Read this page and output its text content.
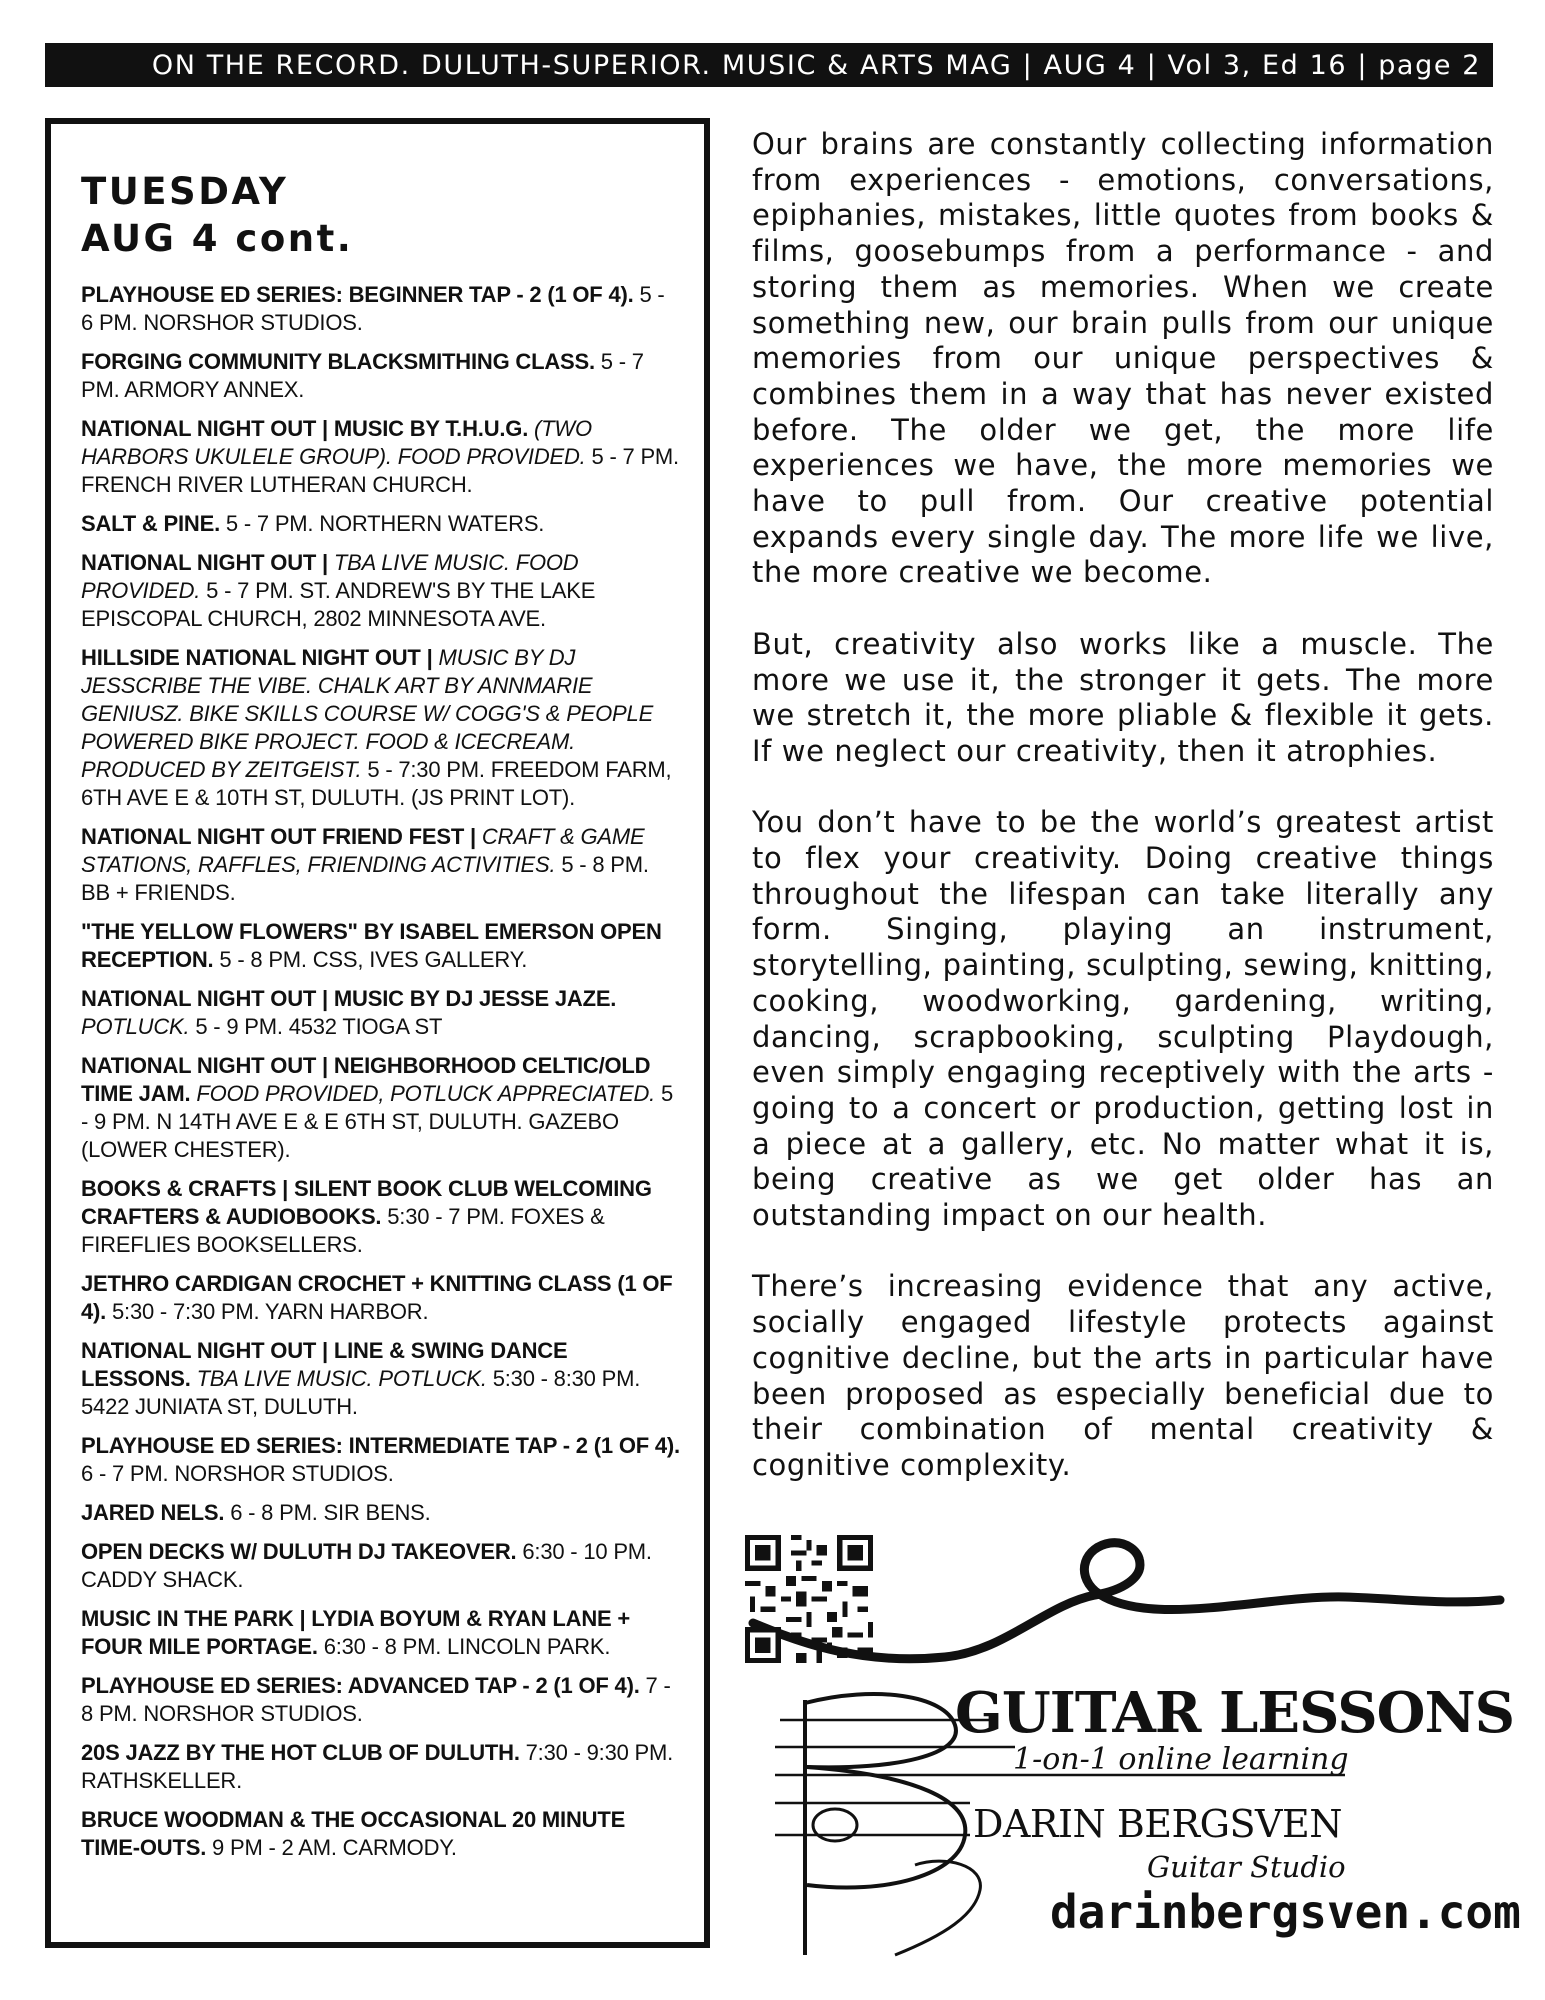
ON THE RECORD. DULUTH-SUPERIOR. MUSIC & ARTS MAG | AUG 4 | Vol 3, Ed 16 | page 2
TUESDAY
AUG 4 cont.
PLAYHOUSE ED SERIES: BEGINNER TAP - 2 (1 OF 4). 5 - 6 PM. NORSHOR STUDIOS.
FORGING COMMUNITY BLACKSMITHING CLASS. 5 - 7 PM. ARMORY ANNEX.
NATIONAL NIGHT OUT | MUSIC BY T.H.U.G. (TWO HARBORS UKULELE GROUP). FOOD PROVIDED. 5 - 7 PM. FRENCH RIVER LUTHERAN CHURCH.
SALT & PINE. 5 - 7 PM. NORTHERN WATERS.
NATIONAL NIGHT OUT | TBA LIVE MUSIC. FOOD PROVIDED. 5 - 7 PM. ST. ANDREW'S BY THE LAKE EPISCOPAL CHURCH, 2802 MINNESOTA AVE.
HILLSIDE NATIONAL NIGHT OUT | MUSIC BY DJ JESSCRIBE THE VIBE. CHALK ART BY ANNMARIE GENIUSZ. BIKE SKILLS COURSE W/ COGG'S & PEOPLE POWERED BIKE PROJECT. FOOD & ICECREAM. PRODUCED BY ZEITGEIST. 5 - 7:30 PM. FREEDOM FARM, 6TH AVE E & 10TH ST, DULUTH. (JS PRINT LOT).
NATIONAL NIGHT OUT FRIEND FEST | CRAFT & GAME STATIONS, RAFFLES, FRIENDING ACTIVITIES. 5 - 8 PM. BB + FRIENDS.
"THE YELLOW FLOWERS" BY ISABEL EMERSON OPEN RECEPTION. 5 - 8 PM. CSS, IVES GALLERY.
NATIONAL NIGHT OUT | MUSIC BY DJ JESSE JAZE. POTLUCK. 5 - 9 PM. 4532 TIOGA ST
NATIONAL NIGHT OUT | NEIGHBORHOOD CELTIC/OLD TIME JAM. FOOD PROVIDED, POTLUCK APPRECIATED. 5 - 9 PM. N 14TH AVE E & E 6TH ST, DULUTH. GAZEBO (LOWER CHESTER).
BOOKS & CRAFTS | SILENT BOOK CLUB WELCOMING CRAFTERS & AUDIOBOOKS. 5:30 - 7 PM. FOXES & FIREFLIES BOOKSELLERS.
JETHRO CARDIGAN CROCHET + KNITTING CLASS (1 OF 4). 5:30 - 7:30 PM. YARN HARBOR.
NATIONAL NIGHT OUT | LINE & SWING DANCE LESSONS. TBA LIVE MUSIC. POTLUCK. 5:30 - 8:30 PM. 5422 JUNIATA ST, DULUTH.
PLAYHOUSE ED SERIES: INTERMEDIATE TAP - 2 (1 OF 4). 6 - 7 PM. NORSHOR STUDIOS.
JARED NELS. 6 - 8 PM. SIR BENS.
OPEN DECKS W/ DULUTH DJ TAKEOVER. 6:30 - 10 PM. CADDY SHACK.
MUSIC IN THE PARK | LYDIA BOYUM & RYAN LANE + FOUR MILE PORTAGE. 6:30 - 8 PM. LINCOLN PARK.
PLAYHOUSE ED SERIES: ADVANCED TAP - 2 (1 OF 4). 7 - 8 PM. NORSHOR STUDIOS.
20S JAZZ BY THE HOT CLUB OF DULUTH. 7:30 - 9:30 PM. RATHSKELLER.
BRUCE WOODMAN & THE OCCASIONAL 20 MINUTE TIME-OUTS. 9 PM - 2 AM. CARMODY.

Our brains are constantly collecting information from experiences - emotions, conversations, epiphanies, mistakes, little quotes from books & films, goosebumps from a performance - and storing them as memories. When we create something new, our brain pulls from our unique memories from our unique perspectives & combines them in a way that has never existed before. The older we get, the more life experiences we have, the more memories we have to pull from. Our creative potential expands every single day. The more life we live, the more creative we become.

But, creativity also works like a muscle. The more we use it, the stronger it gets. The more we stretch it, the more pliable & flexible it gets. If we neglect our creativity, then it atrophies.

You don’t have to be the world’s greatest artist to flex your creativity. Doing creative things throughout the lifespan can take literally any form. Singing, playing an instrument, storytelling, painting, sculpting, sewing, knitting, cooking, woodworking, gardening, writing, dancing, scrapbooking, sculpting Playdough, even simply engaging receptively with the arts - going to a concert or production, getting lost in a piece at a gallery, etc. No matter what it is, being creative as we get older has an outstanding impact on our health.

There’s increasing evidence that any active, socially engaged lifestyle protects against cognitive decline, but the arts in particular have been proposed as especially beneficial due to their combination of mental creativity & cognitive complexity.

GUITAR LESSONS
1-on-1 online learning
DARIN BERGSVEN
Guitar Studio
darinbergsven.com
